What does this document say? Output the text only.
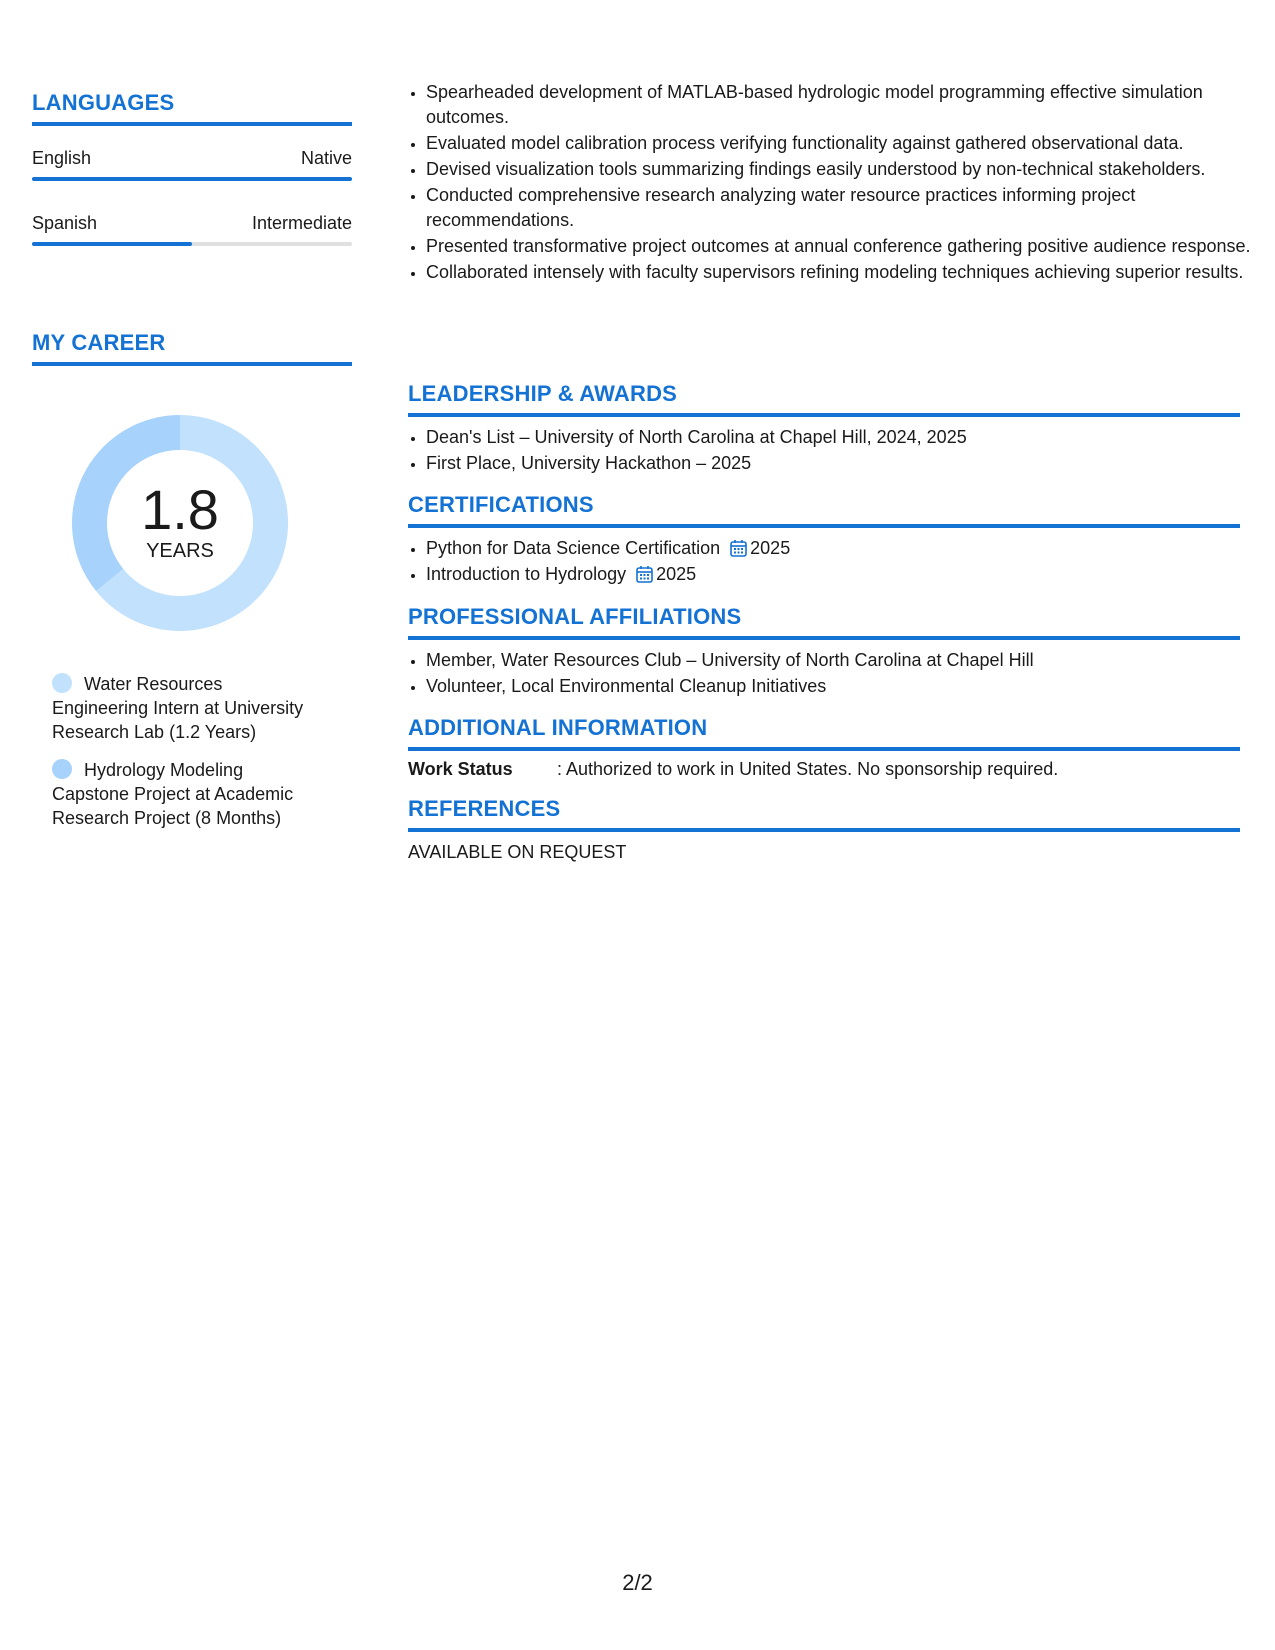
LANGUAGES
English	Native
Spanish	Intermediate
MY CAREER
1.8
YEARS
Water Resources Engineering Intern at University Research Lab (1.2 Years)
Hydrology Modeling Capstone Project at Academic Research Project (8 Months)
• Spearheaded development of MATLAB-based hydrologic model programming effective simulation outcomes.
• Evaluated model calibration process verifying functionality against gathered observational data.
• Devised visualization tools summarizing findings easily understood by non-technical stakeholders.
• Conducted comprehensive research analyzing water resource practices informing project recommendations.
• Presented transformative project outcomes at annual conference gathering positive audience response.
• Collaborated intensely with faculty supervisors refining modeling techniques achieving superior results.
LEADERSHIP & AWARDS
• Dean's List – University of North Carolina at Chapel Hill, 2024, 2025
• First Place, University Hackathon – 2025
CERTIFICATIONS
• Python for Data Science Certification 2025
• Introduction to Hydrology 2025
PROFESSIONAL AFFILIATIONS
• Member, Water Resources Club – University of North Carolina at Chapel Hill
• Volunteer, Local Environmental Cleanup Initiatives
ADDITIONAL INFORMATION
Work Status	: Authorized to work in United States. No sponsorship required.
REFERENCES
AVAILABLE ON REQUEST
2/2
